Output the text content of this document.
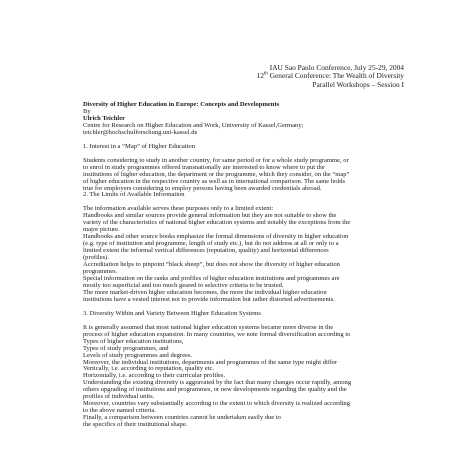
IAU Sao Paulo Conference, July 25-29, 2004
12th General Conference: The Wealth of Diversity
Parallel Workshops – Session I
Diversity of Higher Education in Europe: Concepts and Developments
By
Ulrich Teichler
Centre for Research on Higher Education and Work, University of Kassel,Germany;
teichler@hochschulforschung.uni-kassel.de
1. Interest in a “Map” of Higher Education
Students considering to study in another country, for same period or for a whole study programme, or
to enrol in study programmes offered transnationally are interested to know where to put the
institutions of higher education, the department or the programme, which they consider, on the “map”
of higher education in the respective country as well as in international comparison. The same holds
true for employers considering to employ persons having been awarded credentials abroad.
2. The Limits of Available Information
The information available serves these purposes only to a limited extent:
Handbooks and similar sources provide general information but they are not suitable to show the
variety of the characteristics of national higher education systems and notably the exceptions from the
major picture.
Handbooks and other source books emphasize the formal dimensions of diversity in higher education
(e.g. type of institution and programme, length of study etc.), but do not address at all or only to a
limited extent the informal vertical differences (reputation, quality) and horizontal differences
(profiles).
Accreditation helps to pinpoint “black sheep”, but does not show the diversity of higher education
programmes.
Special information on the ranks and profiles of higher education institutions and programmes are
mostly too superficial and too much geared to selective criteria to be trusted.
The more market-driven higher education becomes, the more the individual higher education
institutions have a vested interest not to provide information but rather distorted advertisements.
3. Diversity Within and Variety Between Higher Education Systems
It is generally assumed that most national higher education systems became more diverse in the
process of higher education expansion. In many countries, we note formal diversification according to
Types of higher education institutions,
Types of study programmes, and
Levels of study programmes and degrees.
Moreover, the individual institutions, departments and programmes of the same type might differ
Vertically, i.e. according to reputation, quality etc.
Horizontally, i.e. according to their curricular profiles.
Understanding the existing diversity is aggravated by the fact that many changes occur rapidly, among
others upgrading of institutions and programmes, or new developments regarding the quality and the
profiles of individual units.
Moreover, countries vary substantially according to the extent to which diversity is realized according
to the above named criteria.
Finally, a comparison between countries cannot be undertaken easily due to
the specifics of their institutional shape.
